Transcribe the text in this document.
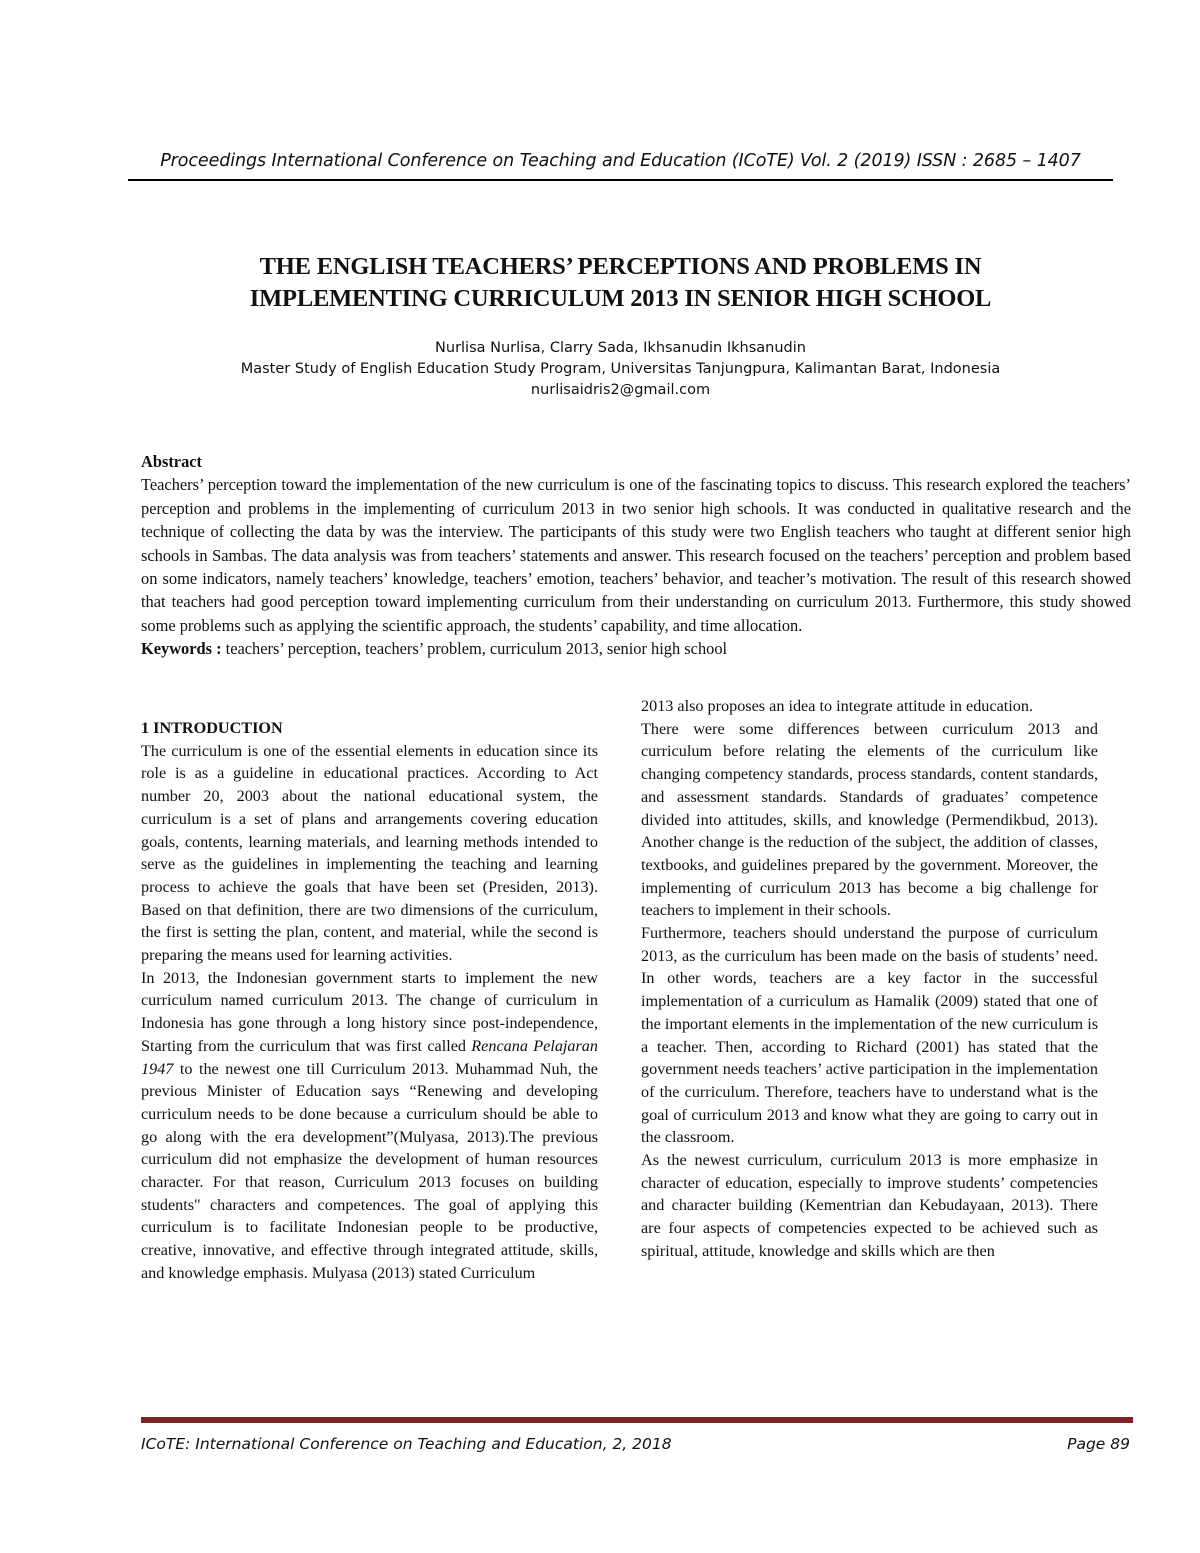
Proceedings International Conference on Teaching and Education (ICoTE) Vol. 2 (2019) ISSN : 2685 – 1407
THE ENGLISH TEACHERS’ PERCEPTIONS AND PROBLEMS IN
IMPLEMENTING CURRICULUM 2013 IN SENIOR HIGH SCHOOL
Nurlisa Nurlisa, Clarry Sada, Ikhsanudin Ikhsanudin
Master Study of English Education Study Program, Universitas Tanjungpura, Kalimantan Barat, Indonesia
nurlisaidris2@gmail.com
Abstract

Teachers’ perception toward the implementation of the new curriculum is one of the fascinating topics to discuss. This research explored the teachers’ perception and problems in the implementing of curriculum 2013 in two senior high schools. It was conducted in qualitative research and the technique of collecting the data by was the interview. The participants of this study were two English teachers who taught at different senior high schools in Sambas. The data analysis was from teachers’ statements and answer. This research focused on the teachers’ perception and problem based on some indicators, namely teachers’ knowledge, teachers’ emotion, teachers’ behavior, and teacher’s motivation. The result of this research showed that teachers had good perception toward implementing curriculum from their understanding on curriculum 2013. Furthermore, this study showed some problems such as applying the scientific approach, the students’ capability, and time allocation.

Keywords : teachers’ perception, teachers’ problem, curriculum 2013, senior high school

1 INTRODUCTION

The curriculum is one of the essential elements in education since its role is as a guideline in educational practices. According to Act number 20, 2003 about the national educational system, the curriculum is a set of plans and arrangements covering education goals, contents, learning materials, and learning methods intended to serve as the guidelines in implementing the teaching and learning process to achieve the goals that have been set (Presiden, 2013). Based on that definition, there are two dimensions of the curriculum, the first is setting the plan, content, and material, while the second is preparing the means used for learning activities.

In 2013, the Indonesian government starts to implement the new curriculum named curriculum 2013. The change of curriculum in Indonesia has gone through a long history since post-independence, Starting from the curriculum that was first called Rencana Pelajaran 1947 to the newest one till Curriculum 2013. Muhammad Nuh, the previous Minister of Education says “Renewing and developing curriculum needs to be done because a curriculum should be able to go along with the era development”(Mulyasa, 2013).The previous curriculum did not emphasize the development of human resources character. For that reason, Curriculum 2013 focuses on building students" characters and competences. The goal of applying this curriculum is to facilitate Indonesian people to be productive, creative, innovative, and effective through integrated attitude, skills, and knowledge emphasis. Mulyasa (2013) stated Curriculum

2013 also proposes an idea to integrate attitude in education.

There were some differences between curriculum 2013 and curriculum before relating the elements of the curriculum like changing competency standards, process standards, content standards, and assessment standards. Standards of graduates’ competence divided into attitudes, skills, and knowledge (Permendikbud, 2013). Another change is the reduction of the subject, the addition of classes, textbooks, and guidelines prepared by the government. Moreover, the implementing of curriculum 2013 has become a big challenge for teachers to implement in their schools.

Furthermore, teachers should understand the purpose of curriculum 2013, as the curriculum has been made on the basis of students’ need. In other words, teachers are a key factor in the successful implementation of a curriculum as Hamalik (2009) stated that one of the important elements in the implementation of the new curriculum is a teacher. Then, according to Richard (2001) has stated that the government needs teachers’ active participation in the implementation of the curriculum. Therefore, teachers have to understand what is the goal of curriculum 2013 and know what they are going to carry out in the classroom.

As the newest curriculum, curriculum 2013 is more emphasize in character of education, especially to improve students’ competencies and character building (Kementrian dan Kebudayaan, 2013). There are four aspects of competencies expected to be achieved such as spiritual, attitude, knowledge and skills which are then

ICoTE: International Conference on Teaching and Education, 2, 2018	Page 89
